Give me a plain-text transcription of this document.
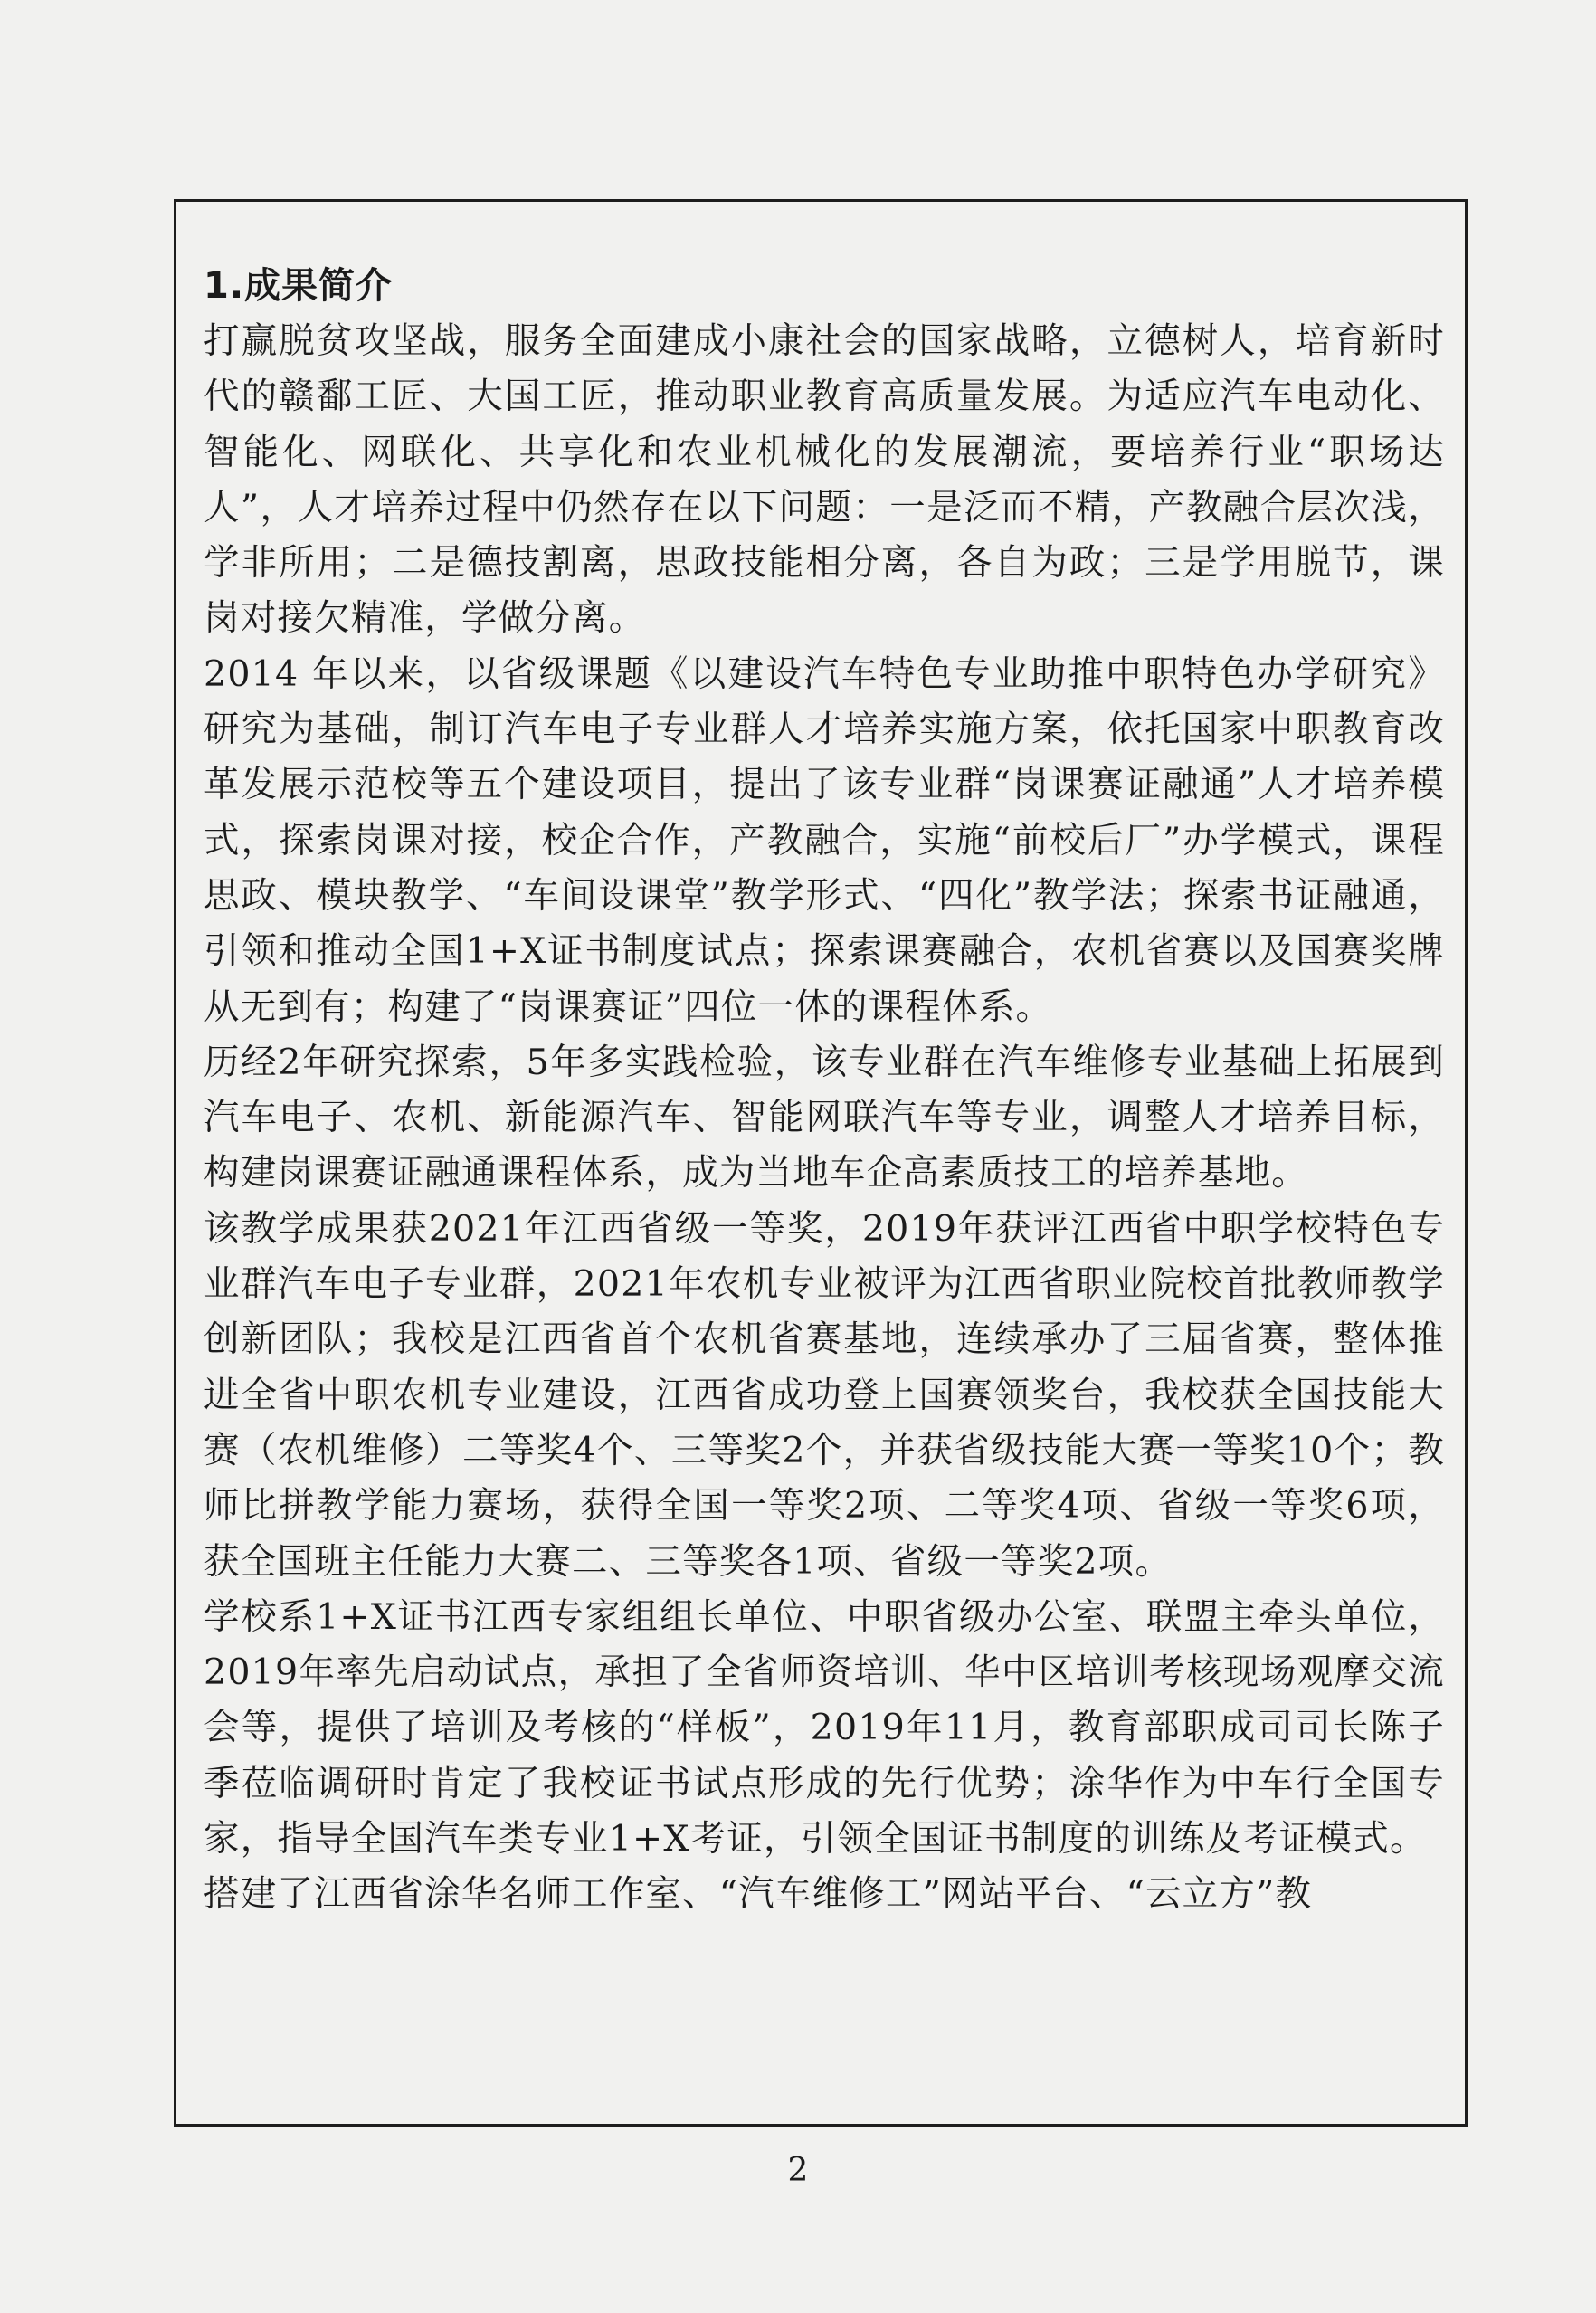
1.成果简介

打赢脱贫攻坚战，服务全面建成小康社会的国家战略，立德树人，培育新时代的赣鄱工匠、大国工匠，推动职业教育高质量发展。为适应汽车电动化、智能化、网联化、共享化和农业机械化的发展潮流，要培养行业“职场达人”，人才培养过程中仍然存在以下问题：一是泛而不精，产教融合层次浅，学非所用；二是德技割离，思政技能相分离，各自为政；三是学用脱节，课岗对接欠精准，学做分离。

2014 年以来，以省级课题《以建设汽车特色专业助推中职特色办学研究》研究为基础，制订汽车电子专业群人才培养实施方案，依托国家中职教育改革发展示范校等五个建设项目，提出了该专业群“岗课赛证融通”人才培养模式，探索岗课对接，校企合作，产教融合，实施“前校后厂”办学模式，课程思政、模块教学、“车间设课堂”教学形式、“四化”教学法；探索书证融通，引领和推动全国1+X证书制度试点；探索课赛融合，农机省赛以及国赛奖牌从无到有；构建了“岗课赛证”四位一体的课程体系。

历经2年研究探索，5年多实践检验，该专业群在汽车维修专业基础上拓展到汽车电子、农机、新能源汽车、智能网联汽车等专业，调整人才培养目标，构建岗课赛证融通课程体系，成为当地车企高素质技工的培养基地。

该教学成果获2021年江西省级一等奖，2019年获评江西省中职学校特色专业群汽车电子专业群，2021年农机专业被评为江西省职业院校首批教师教学创新团队；我校是江西省首个农机省赛基地，连续承办了三届省赛，整体推进全省中职农机专业建设，江西省成功登上国赛领奖台，我校获全国技能大赛（农机维修）二等奖4个、三等奖2个，并获省级技能大赛一等奖10个；教师比拼教学能力赛场，获得全国一等奖2项、二等奖4项、省级一等奖6项，获全国班主任能力大赛二、三等奖各1项、省级一等奖2项。

学校系1+X证书江西专家组组长单位、中职省级办公室、联盟主牵头单位，2019年率先启动试点，承担了全省师资培训、华中区培训考核现场观摩交流会等，提供了培训及考核的“样板”，2019年11月，教育部职成司司长陈子季莅临调研时肯定了我校证书试点形成的先行优势；涂华作为中车行全国专家，指导全国汽车类专业1+X考证，引领全国证书制度的训练及考证模式。

搭建了江西省涂华名师工作室、“汽车维修工”网站平台、“云立方”教

2
